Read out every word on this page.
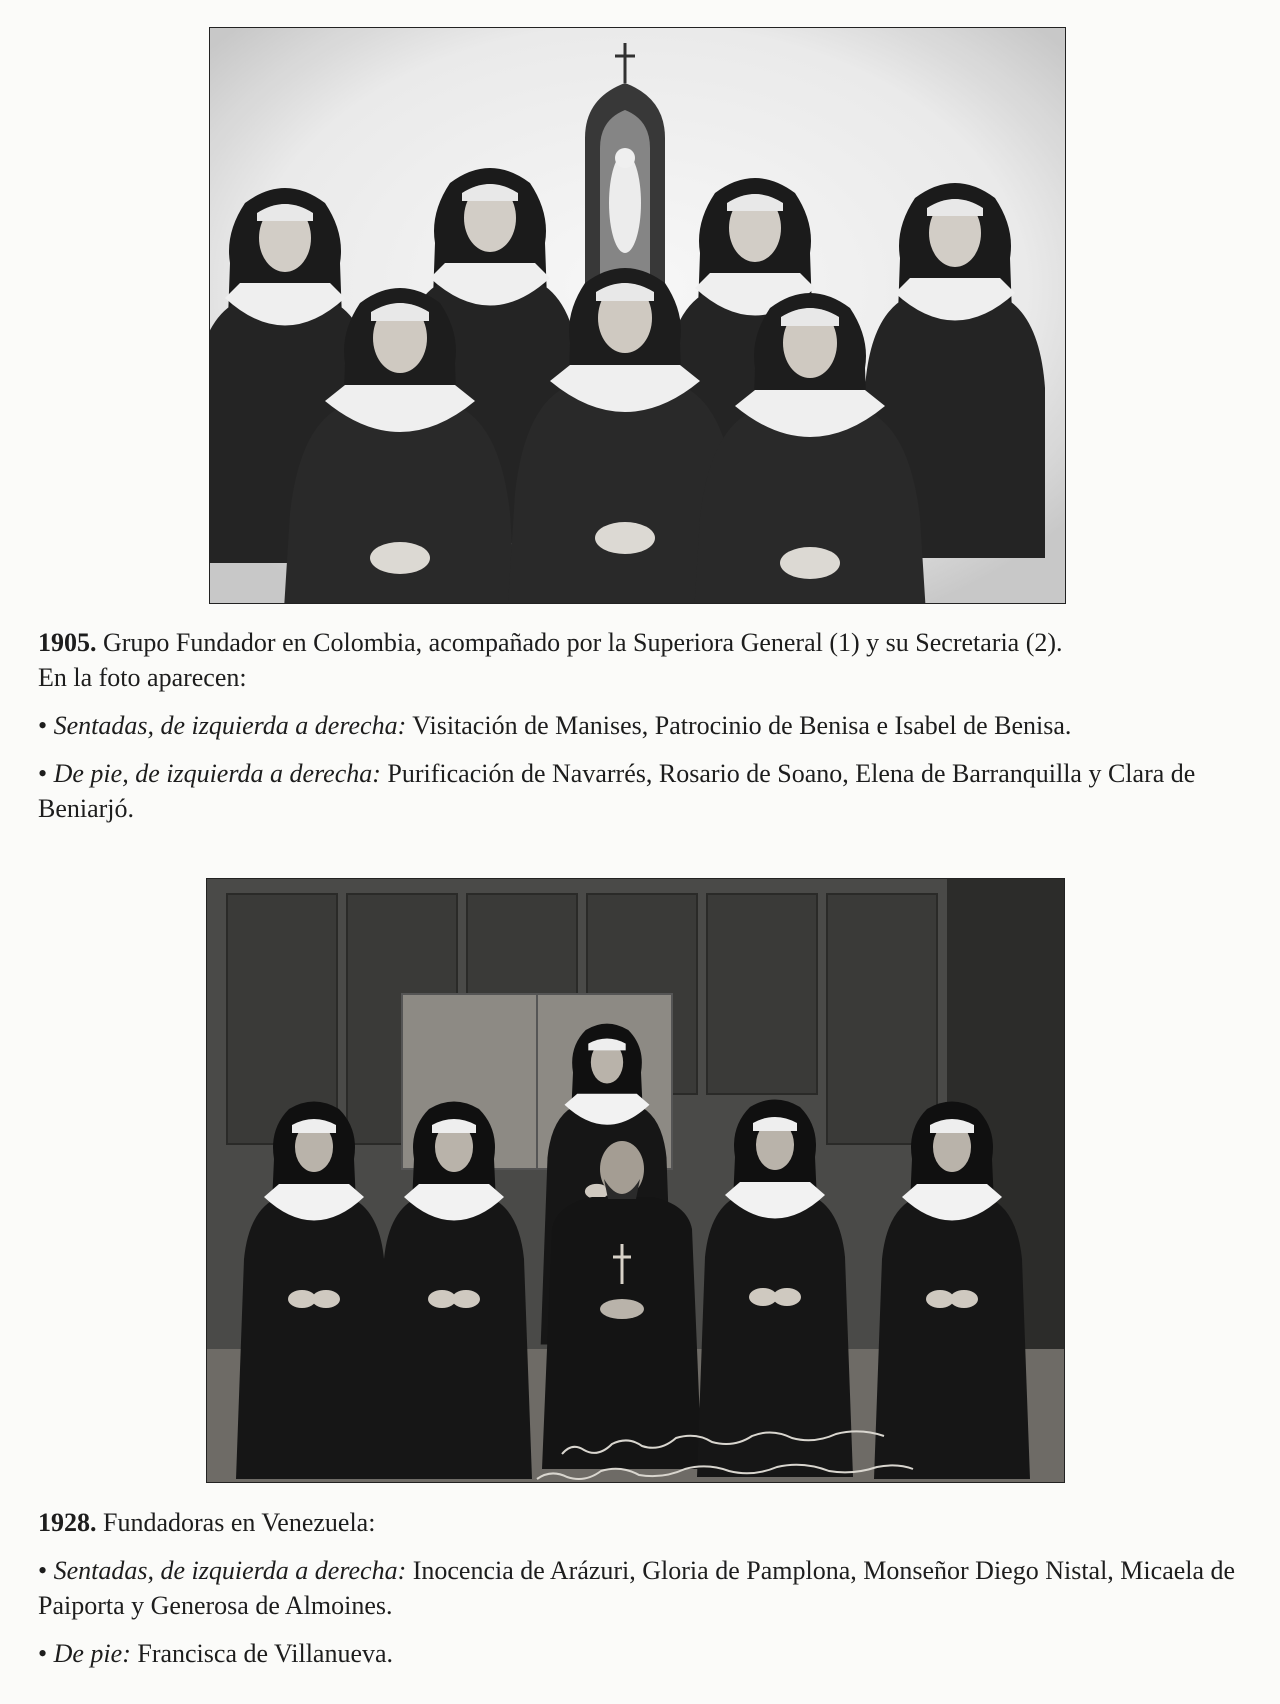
1905. Grupo Fundador en Colombia, acompañado por la Superiora General (1) y su Secretaria (2).

En la foto aparecen:

• Sentadas, de izquierda a derecha: Visitación de Manises, Patrocinio de Benisa e Isabel de Benisa.

• De pie, de izquierda a derecha: Purificación de Navarrés, Rosario de Soano, Elena de Barranquilla y Clara de Beniarjó.

1928. Fundadoras en Venezuela:

• Sentadas, de izquierda a derecha: Inocencia de Arázuri, Gloria de Pamplona, Monseñor Diego Nistal, Micaela de Paiporta y Generosa de Almoines.

• De pie: Francisca de Villanueva.
